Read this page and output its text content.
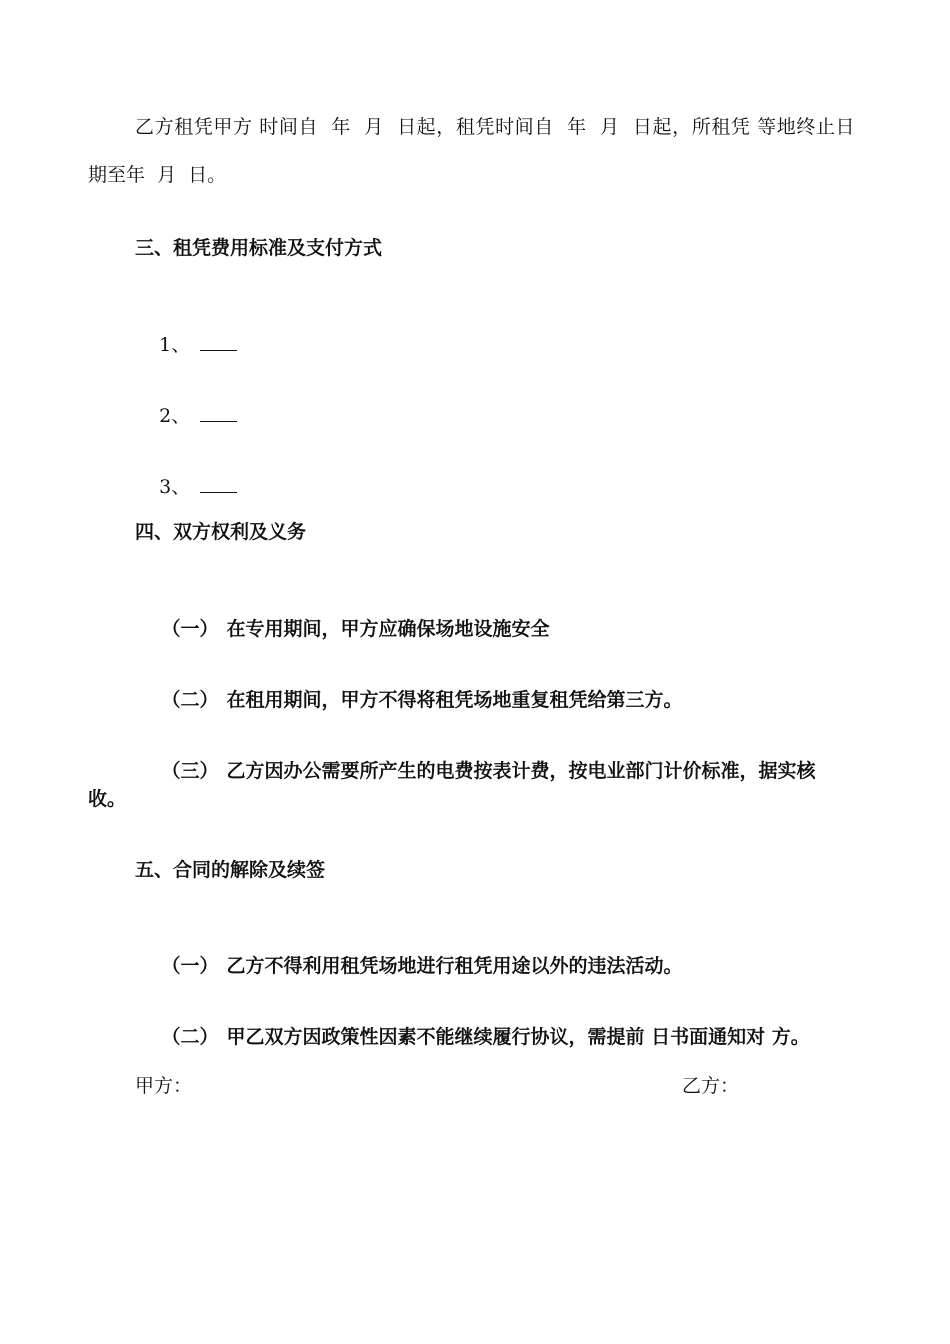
乙方租凭甲方 时间自  年  月  日起，租凭时间自  年  月  日起，所租凭 等地终止日
期至年  月  日。
三、租凭费用标准及支付方式

1、

2、

3、

四、双方权利及义务

（一） 在专用期间，甲方应确保场地设施安全

（二） 在租用期间，甲方不得将租凭场地重复租凭给第三方。

（三） 乙方因办公需要所产生的电费按表计费，按电业部门计价标准，据实核

收。
五、合同的解除及续签

（一） 乙方不得利用租凭场地进行租凭用途以外的违法活动。

（二） 甲乙双方因政策性因素不能继续履行协议，需提前 日书面通知对 方。

甲方：	乙方：
